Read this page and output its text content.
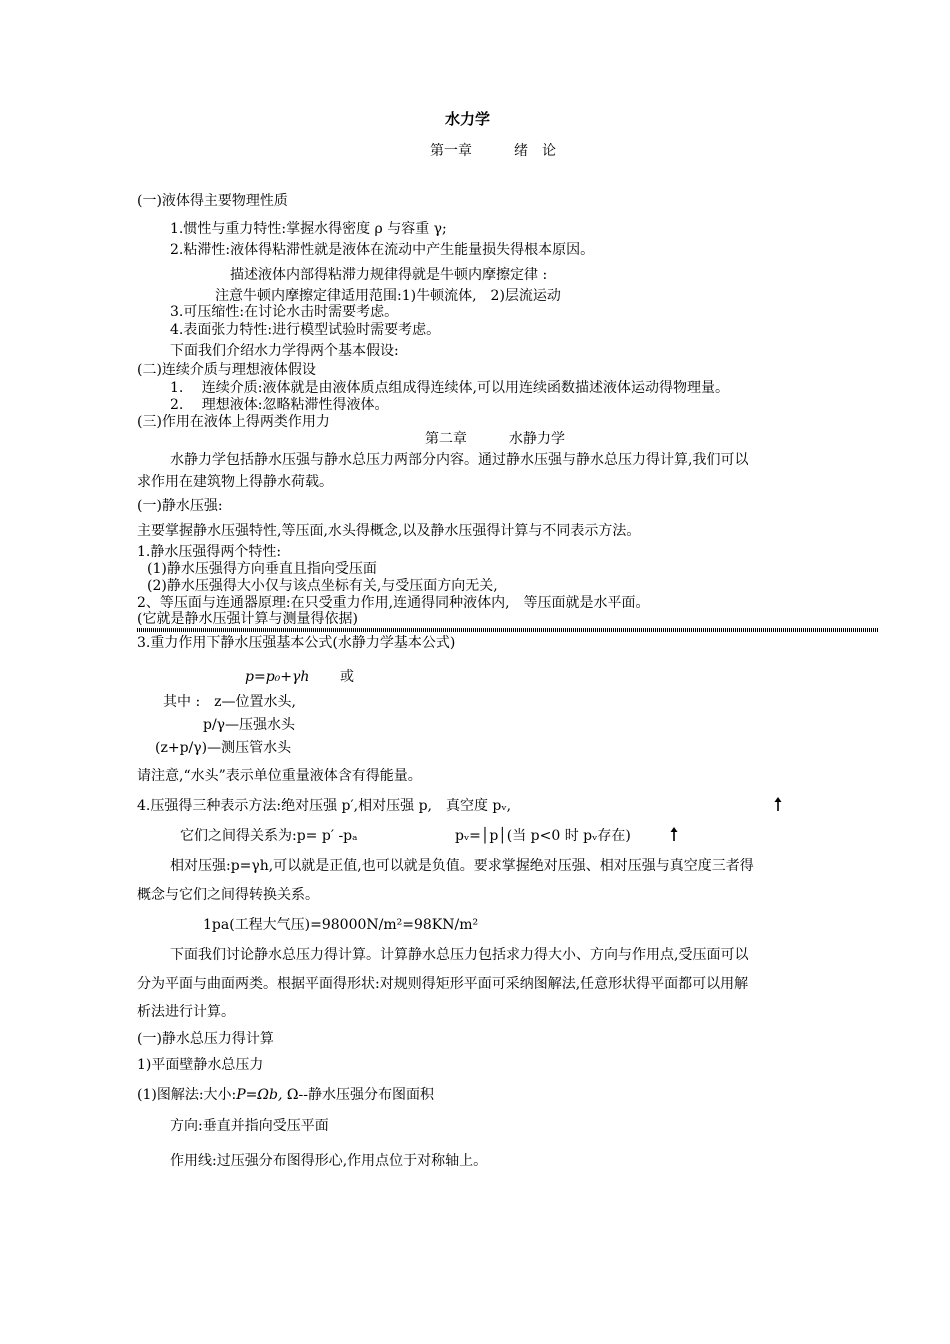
水力学
第一章　　　绪　论
(一)液体得主要物理性质
1.惯性与重力特性:掌握水得密度 ρ 与容重 γ;
2.粘滞性:液体得粘滞性就是液体在流动中产生能量损失得根本原因。
描述液体内部得粘滞力规律得就是牛顿内摩擦定律 :
注意牛顿内摩擦定律适用范围:1)牛顿流体,　2)层流运动
3.可压缩性:在讨论水击时需要考虑。
4.表面张力特性:进行模型试验时需要考虑。
下面我们介绍水力学得两个基本假设:
(二)连续介质与理想液体假设
1.　 连续介质:液体就是由液体质点组成得连续体,可以用连续函数描述液体运动得物理量。
2.　 理想液体:忽略粘滞性得液体。
(三)作用在液体上得两类作用力
第二章　　　水静力学
水静力学包括静水压强与静水总压力两部分内容。通过静水压强与静水总压力得计算,我们可以
求作用在建筑物上得静水荷载。
(一)静水压强:
主要掌握静水压强特性,等压面,水头得概念,以及静水压强得计算与不同表示方法。
1.静水压强得两个特性:
(1)静水压强得方向垂直且指向受压面
(2)静水压强得大小仅与该点坐标有关,与受压面方向无关,
2、等压面与连通器原理:在只受重力作用,连通得同种液体内,　等压面就是水平面。
(它就是静水压强计算与测量得依据)
3.重力作用下静水压强基本公式(水静力学基本公式)
p=p₀+γh 或
其中 :　z—位置水头,
p/γ—压强水头
(z+p/γ)—测压管水头
请注意,“水头”表示单位重量液体含有得能量。
4.压强得三种表示方法:绝对压强 p′,相对压强 p,　真空度 pᵥ,
它们之间得关系为:p= p′ -pₐ	pᵥ=│p│(当 p<0 时 pᵥ存在)
相对压强:p=γh,可以就是正值,也可以就是负值。要求掌握绝对压强、相对压强与真空度三者得
概念与它们之间得转换关系。
1pa(工程大气压)=98000N/m²=98KN/m²
下面我们讨论静水总压力得计算。计算静水总压力包括求力得大小、方向与作用点,受压面可以
分为平面与曲面两类。根据平面得形状:对规则得矩形平面可采纳图解法,任意形状得平面都可以用解
析法进行计算。
(一)静水总压力得计算
1)平面壁静水总压力
(1)图解法:大小:P=Ωb, Ω--静水压强分布图面积
方向:垂直并指向受压平面
作用线:过压强分布图得形心,作用点位于对称轴上。
